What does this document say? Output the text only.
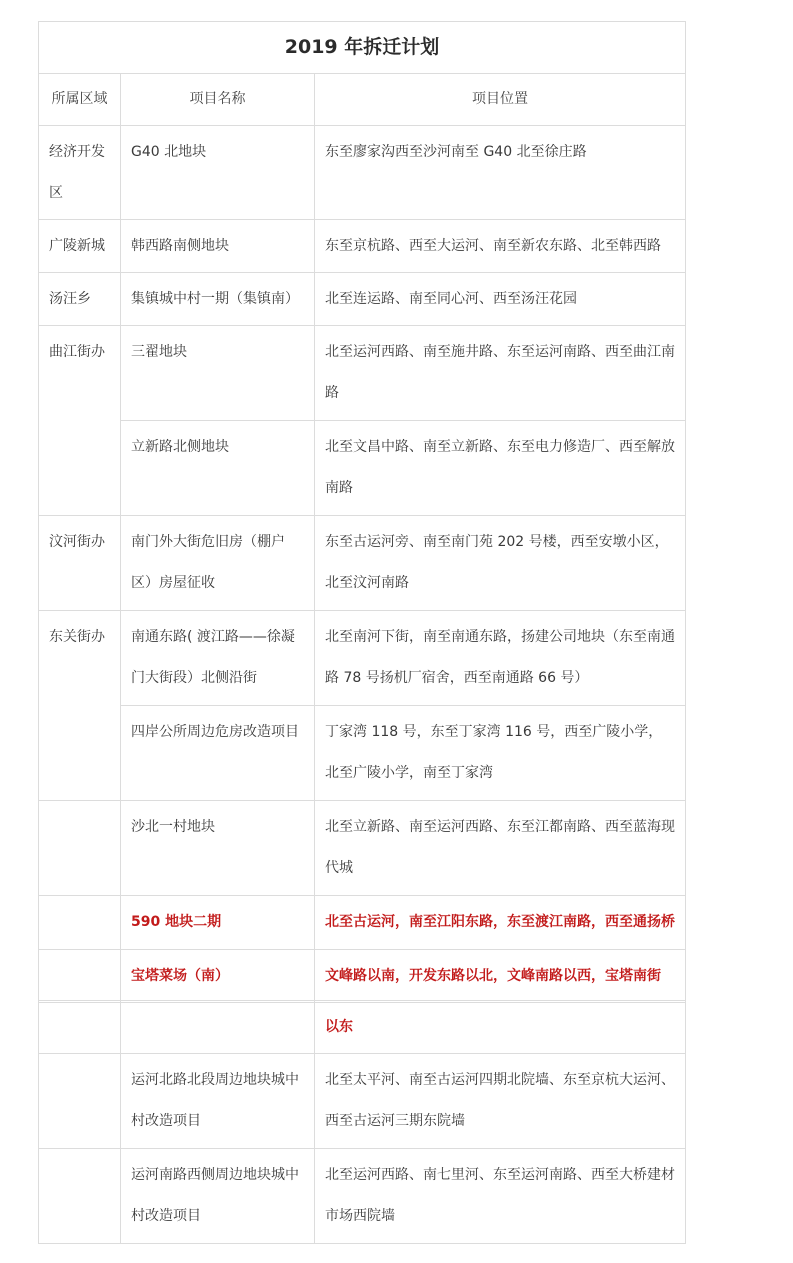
2019 年拆迁计划		
所属区域	项目名称	项目位置
经济开发区	G40 北地块	东至廖家沟西至沙河南至 G40 北至徐庄路
广陵新城	韩西路南侧地块	东至京杭路、西至大运河、南至新农东路、北至韩西路
汤汪乡	集镇城中村一期（集镇南）	北至连运路、南至同心河、西至汤汪花园
曲江街办	三翟地块	北至运河西路、南至施井路、东至运河南路、西至曲江南路
	立新路北侧地块	北至文昌中路、南至立新路、东至电力修造厂、西至解放南路
汶河街办	南门外大街危旧房（棚户区）房屋征收	东至古运河旁、南至南门苑 202 号楼，西至安墩小区，北至汶河南路
东关街办	南通东路( 渡江路——徐凝门大街段）北侧沿街	北至南河下街，南至南通东路，扬建公司地块（东至南通路 78 号扬机厂宿舍，西至南通路 66 号）
	四岸公所周边危房改造项目	丁家湾 118 号，东至丁家湾 116 号，西至广陵小学，北至广陵小学，南至丁家湾
	沙北一村地块	北至立新路、南至运河西路、东至江都南路、西至蓝海现代城
	590 地块二期	北至古运河，南至江阳东路，东至渡江南路，西至通扬桥
	宝塔菜场（南）	文峰路以南，开发东路以北，文峰南路以西，宝塔南街
		以东
	运河北路北段周边地块城中村改造项目	北至太平河、南至古运河四期北院墙、东至京杭大运河、西至古运河三期东院墙
	运河南路西侧周边地块城中村改造项目	北至运河西路、南七里河、东至运河南路、西至大桥建材市场西院墙
